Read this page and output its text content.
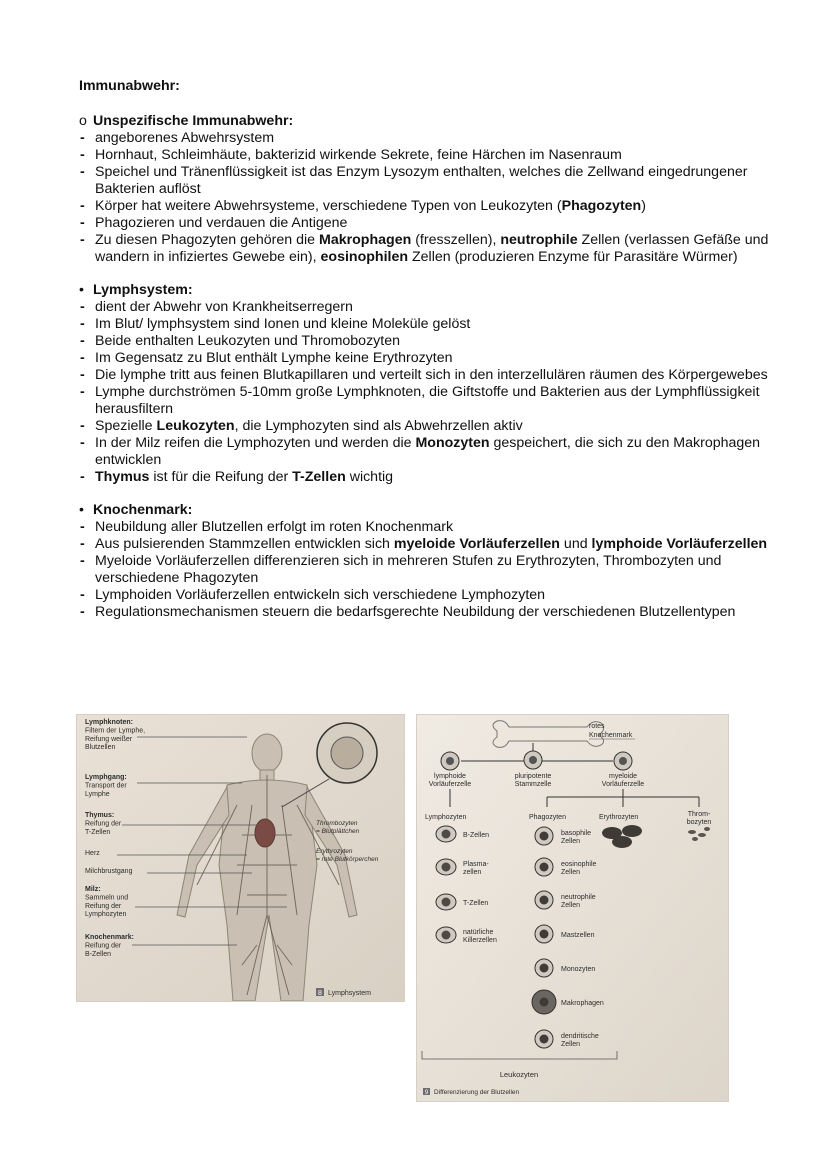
Immunabwehr:
o Unspezifische Immunabwehr:
- angeborenes Abwehrsystem
- Hornhaut, Schleimhäute, bakterizid wirkende Sekrete, feine Härchen im Nasenraum
- Speichel und Tränenflüssigkeit ist das Enzym Lysozym enthalten, welches die Zellwand eingedrungener Bakterien auflöst
- Körper hat weitere Abwehrsysteme, verschiedene Typen von Leukozyten (Phagozyten)
- Phagozieren und verdauen die Antigene
- Zu diesen Phagozyten gehören die Makrophagen (fresszellen), neutrophile Zellen (verlassen Gefäße und wandern in infiziertes Gewebe ein), eosinophilen Zellen (produzieren Enzyme für Parasitäre Würmer)
• Lymphsystem:
- dient der Abwehr von Krankheitserregern
- Im Blut/ lymphsystem sind Ionen und kleine Moleküle gelöst
- Beide enthalten Leukozyten und Thromobozyten
- Im Gegensatz zu Blut enthält Lymphe keine Erythrozyten
- Die lymphe tritt aus feinen Blutkapillaren und verteilt sich in den interzellulären räumen des Körpergewebes
- Lymphe durchströmen 5-10mm große Lymphknoten, die Giftstoffe und Bakterien aus der Lymphflüssigkeit herausfiltern
- Spezielle Leukozyten, die Lymphozyten sind als Abwehrzellen aktiv
- In der Milz reifen die Lymphozyten und werden die Monozyten gespeichert, die sich zu den Makrophagen entwicklen
- Thymus ist für die Reifung der T-Zellen wichtig
• Knochenmark:
- Neubildung aller Blutzellen erfolgt im roten Knochenmark
- Aus pulsierenden Stammzellen entwicklen sich myeloide Vorläuferzellen und lymphoide Vorläuferzellen
- Myeloide Vorläuferzellen differenzieren sich in mehreren Stufen zu Erythrozyten, Thrombozyten und verschiedene Phagozyten
- Lymphoiden Vorläuferzellen entwickeln sich verschiedene Lymphozyten
- Regulationsmechanismen steuern die bedarfsgerechte Neubildung der verschiedenen Blutzellentypen
Lymphknoten:
Filtern der Lymphe,
Reifung weißer
Blutzellen
Lymphgang:
Transport der
Lymphe
Thymus:
Reifung der
T-Zellen
Herz
Milchbrustgang
Milz:
Sammeln und
Reifung der
Lymphozyten
Knochenmark:
Reifung der
B-Zellen
Thrombozyten
= Blutplättchen
Erythrozyten
= rote Blutkörperchen
8 Lymphsystem
rotes
Knochenmark
lymphoide
Vorläuferzelle
pluripotente
Stammzelle
myeloide
Vorläuferzelle
Lymphozyten	Phagozyten	Erythrozyten	Throm-
bozyten
B-Zellen
Plasma-
zellen
T-Zellen
natürliche
Killerzellen
basophile
Zellen
eosinophile
Zellen
neutrophile
Zellen
Mastzellen
Monozyten
Makrophagen
dendritische
Zellen
Leukozyten
9 Differenzierung der Blutzellen
